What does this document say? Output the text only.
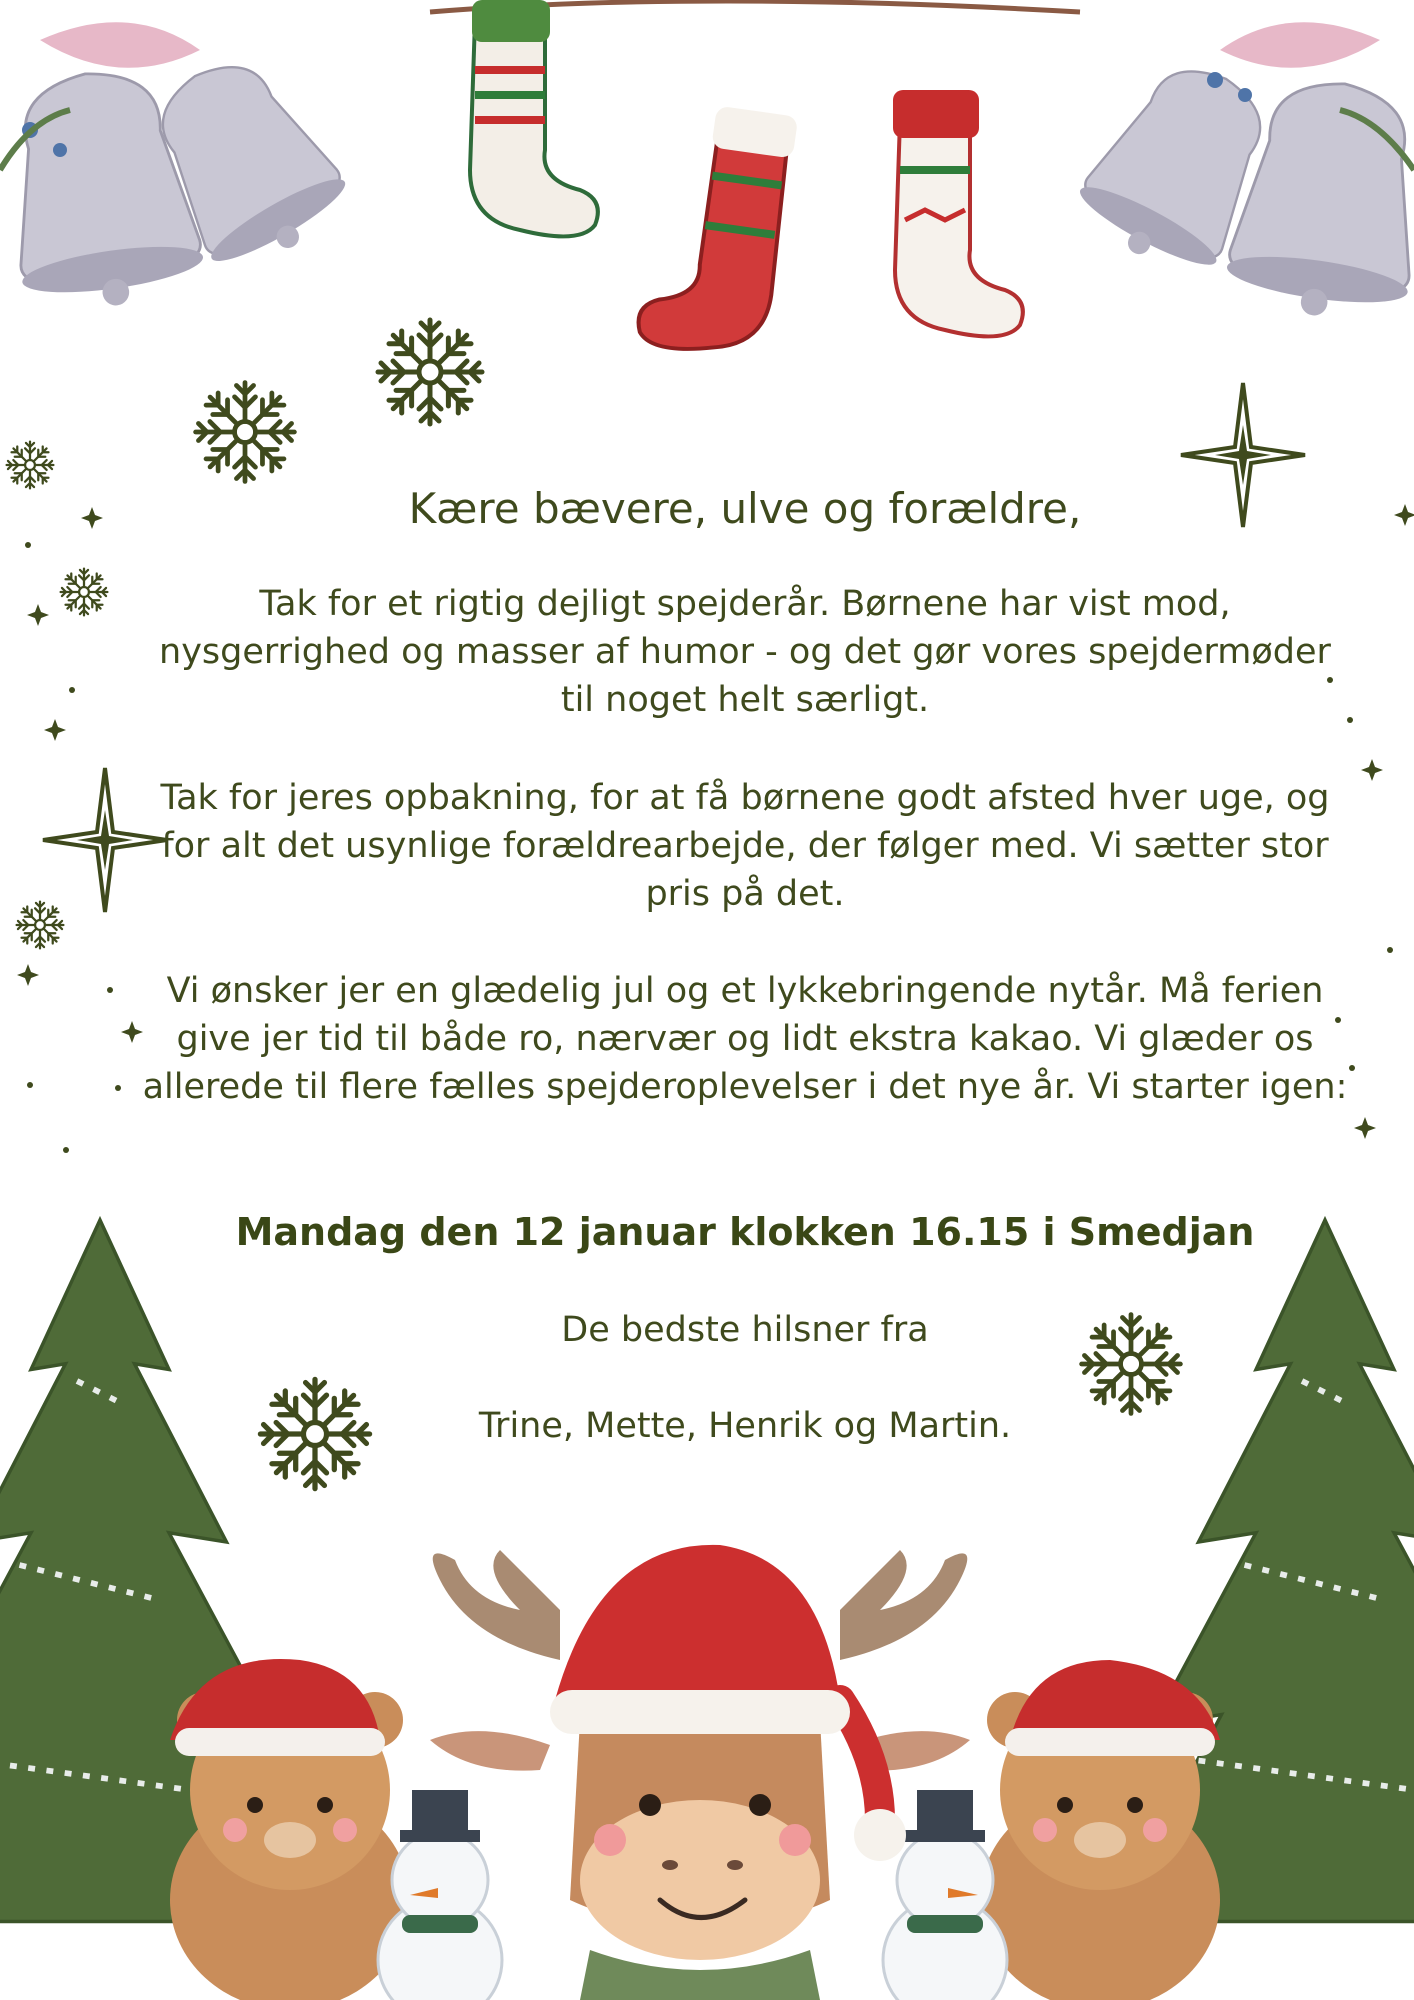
Kære bævere, ulve og forældre,

Tak for et rigtig dejligt spejderår. Børnene har vist mod, nysgerrighed og masser af humor - og det gør vores spejdermøder til noget helt særligt.

Tak for jeres opbakning, for at få børnene godt afsted hver uge, og for alt det usynlige forældrearbejde, der følger med. Vi sætter stor pris på det.

Vi ønsker jer en glædelig jul og et lykkebringende nytår. Må ferien give jer tid til både ro, nærvær og lidt ekstra kakao. Vi glæder os allerede til flere fælles spejderoplevelser i det nye år. Vi starter igen:

Mandag den 12 januar klokken 16.15 i Smedjan

De bedste hilsner fra

Trine, Mette, Henrik og Martin.
